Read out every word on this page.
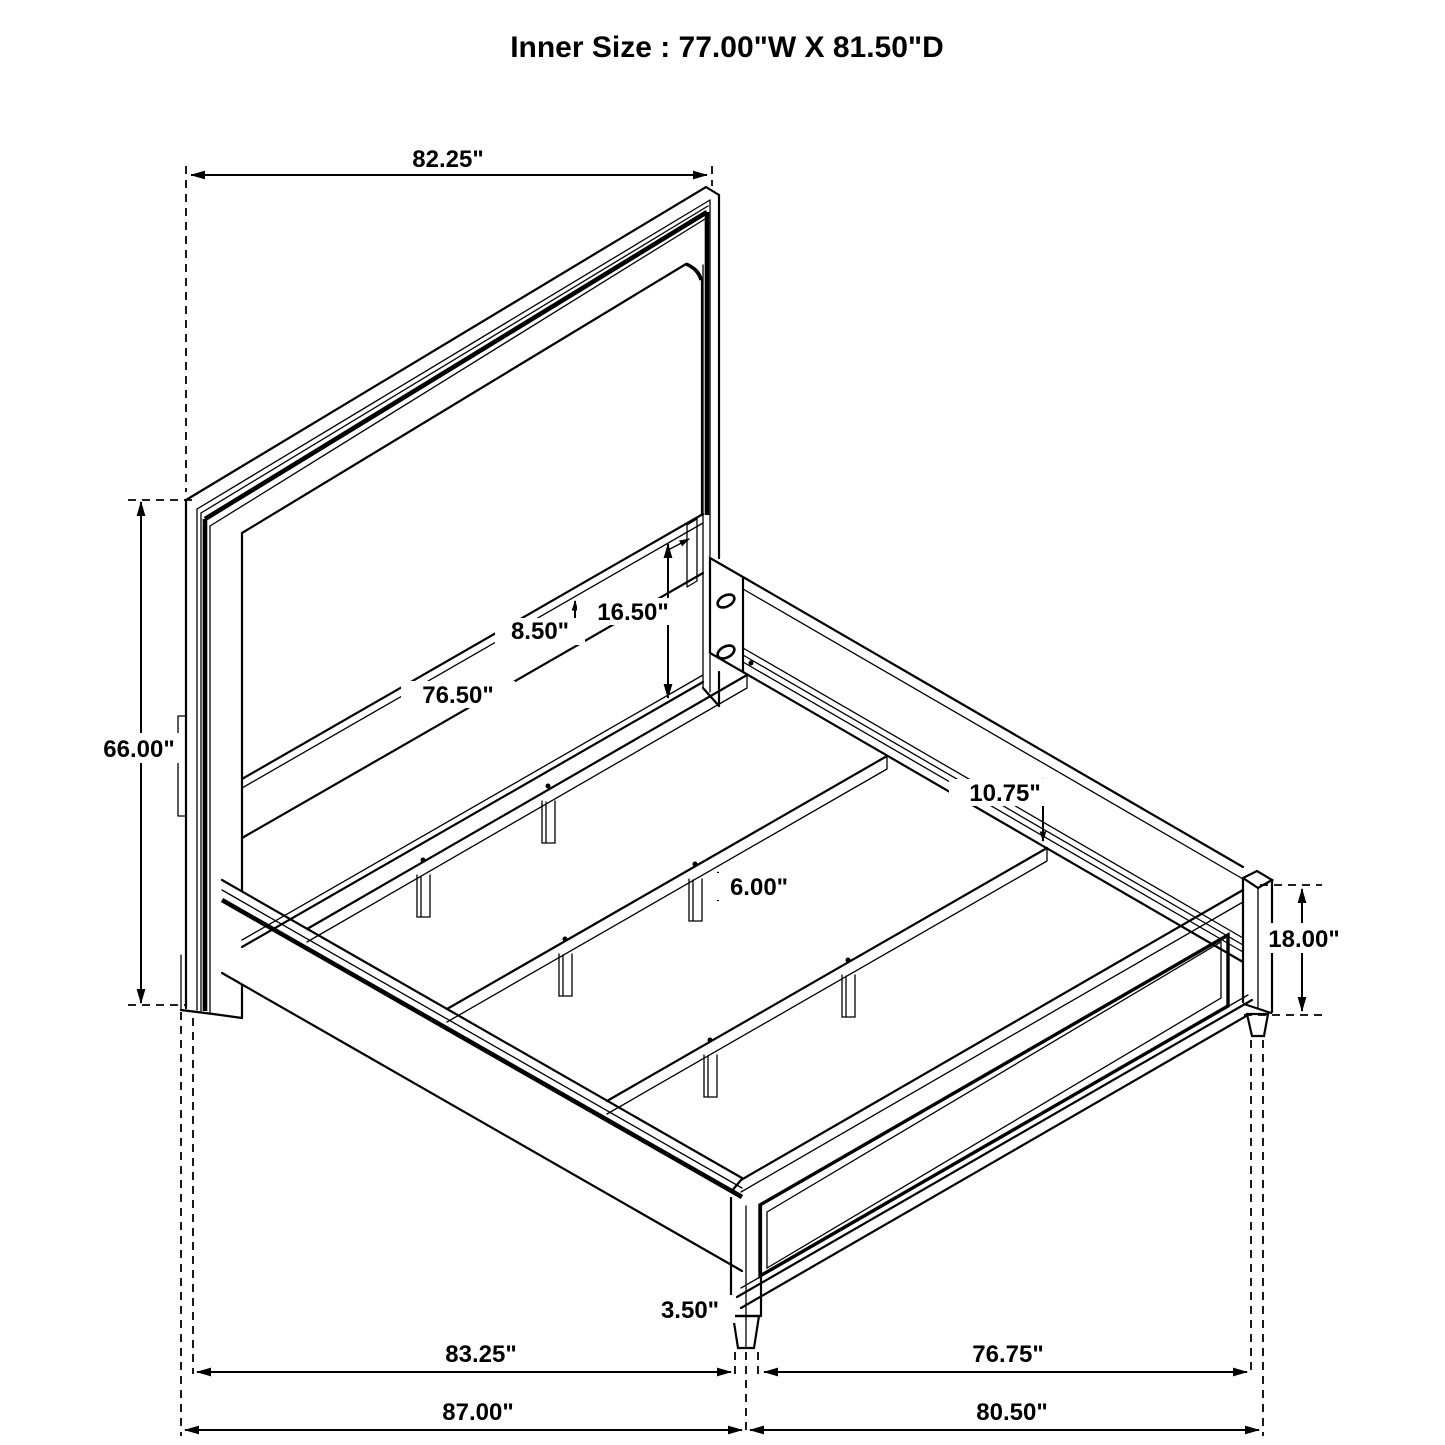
Inner Size : 77.00"W X 81.50"D
82.25"
66.00"
8.50"
16.50"
76.50"
10.75"
6.00"
18.00"
3.50"
83.25"	76.75"
87.00"	80.50"
